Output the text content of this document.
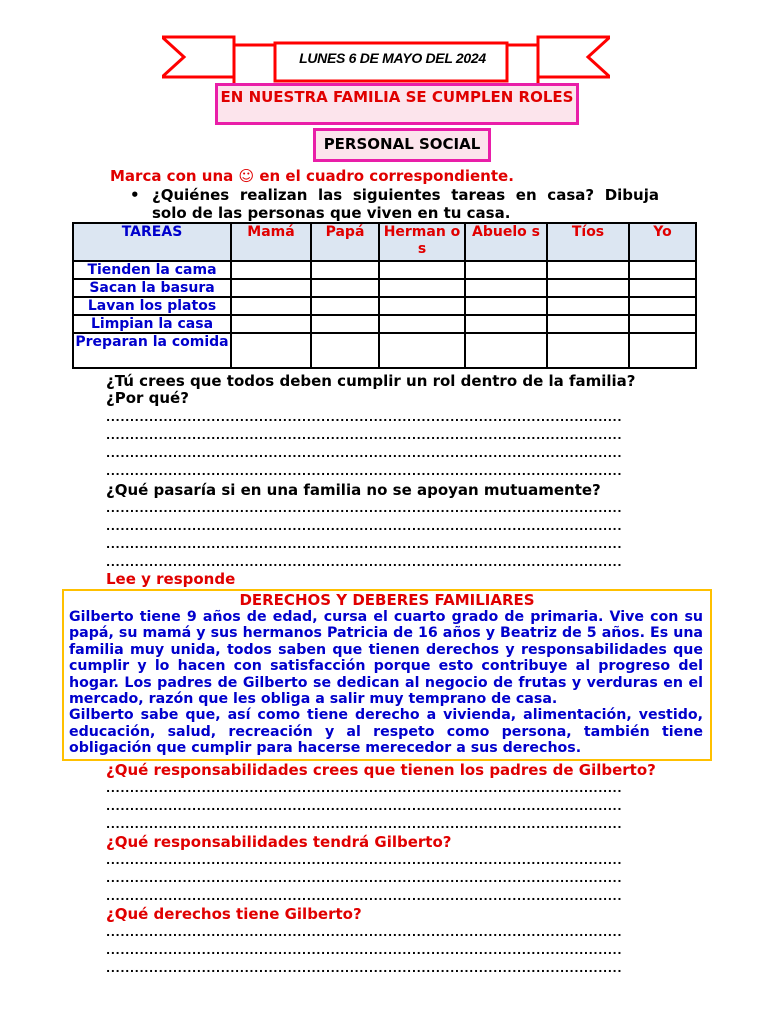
LUNES 6 DE MAYO DEL 2024
EN NUESTRA FAMILIA SE CUMPLEN ROLES
PERSONAL SOCIAL
Marca con una ☺ en el cuadro correspondiente.
• ¿Quiénes realizan las siguientes tareas en casa? Dibuja solo de las personas que viven en tu casa.
TAREAS	Mamá	Papá	Herman os	Abuelo s	Tíos	Yo
Tienden la cama						
Sacan la basura						
Lavan los platos						
Limpian la casa						
Preparan la comida						
¿Tú crees que todos deben cumplir un rol dentro de la familia? ¿Por qué?
............................................................................................................
............................................................................................................
............................................................................................................
............................................................................................................
¿Qué pasaría si en una familia no se apoyan mutuamente?
............................................................................................................
............................................................................................................
............................................................................................................
............................................................................................................
Lee y responde
DERECHOS Y DEBERES FAMILIARES
Gilberto tiene 9 años de edad, cursa el cuarto grado de primaria. Vive con su papá, su mamá y sus hermanos Patricia de 16 años y Beatriz de 5 años. Es una familia muy unida, todos saben que tienen derechos y responsabilidades que cumplir y lo hacen con satisfacción porque esto contribuye al progreso del hogar. Los padres de Gilberto se dedican al negocio de frutas y verduras en el mercado, razón que les obliga a salir muy temprano de casa.
Gilberto sabe que, así como tiene derecho a vivienda, alimentación, vestido, educación, salud, recreación y al respeto como persona, también tiene obligación que cumplir para hacerse merecedor a sus derechos.
¿Qué responsabilidades crees que tienen los padres de Gilberto?
............................................................................................................
............................................................................................................
............................................................................................................
¿Qué responsabilidades tendrá Gilberto?
............................................................................................................
............................................................................................................
............................................................................................................
¿Qué derechos tiene Gilberto?
............................................................................................................
............................................................................................................
............................................................................................................
